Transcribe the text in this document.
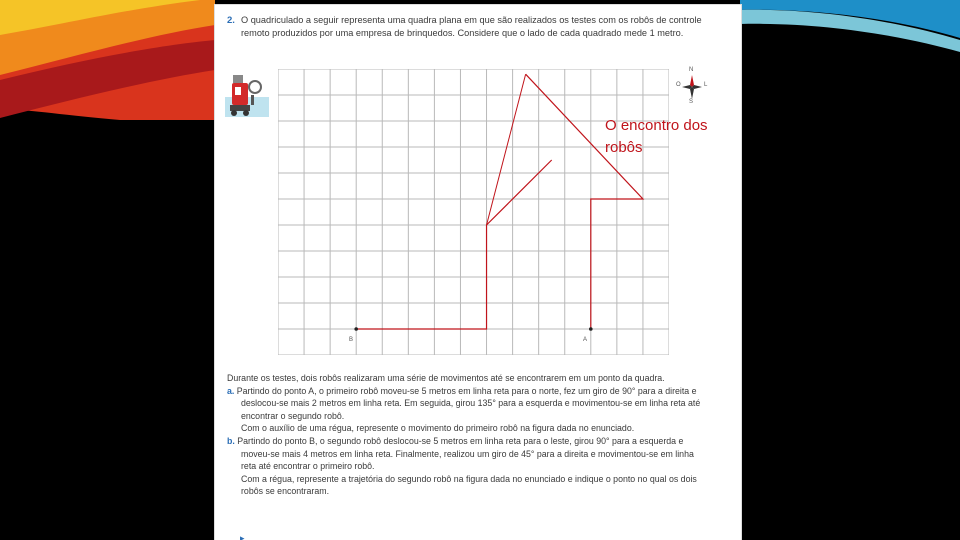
2. O quadriculado a seguir representa uma quadra plana em que são realizados os testes com os robôs de controle remoto produzidos por uma empresa de brinquedos. Considere que o lado de cada quadrado mede 1 metro.
B	A
N
S
O	L
O encontro dos robôs

Durante os testes, dois robôs realizaram uma série de movimentos até se encontrarem em um ponto da quadra.

a. Partindo do ponto A, o primeiro robô moveu-se 5 metros em linha reta para o norte, fez um giro de 90° para a direita e deslocou-se mais 2 metros em linha reta. Em seguida, girou 135° para a esquerda e movimentou-se em linha reta até encontrar o segundo robô.

Com o auxílio de uma régua, represente o movimento do primeiro robô na figura dada no enunciado.

b. Partindo do ponto B, o segundo robô deslocou-se 5 metros em linha reta para o leste, girou 90° para a esquerda e moveu-se mais 4 metros em linha reta. Finalmente, realizou um giro de 45° para a direita e movimentou-se em linha reta até encontrar o primeiro robô.

Com a régua, represente a trajetória do segundo robô na figura dada no enunciado e indique o ponto no qual os dois robôs se encontraram.

▸
